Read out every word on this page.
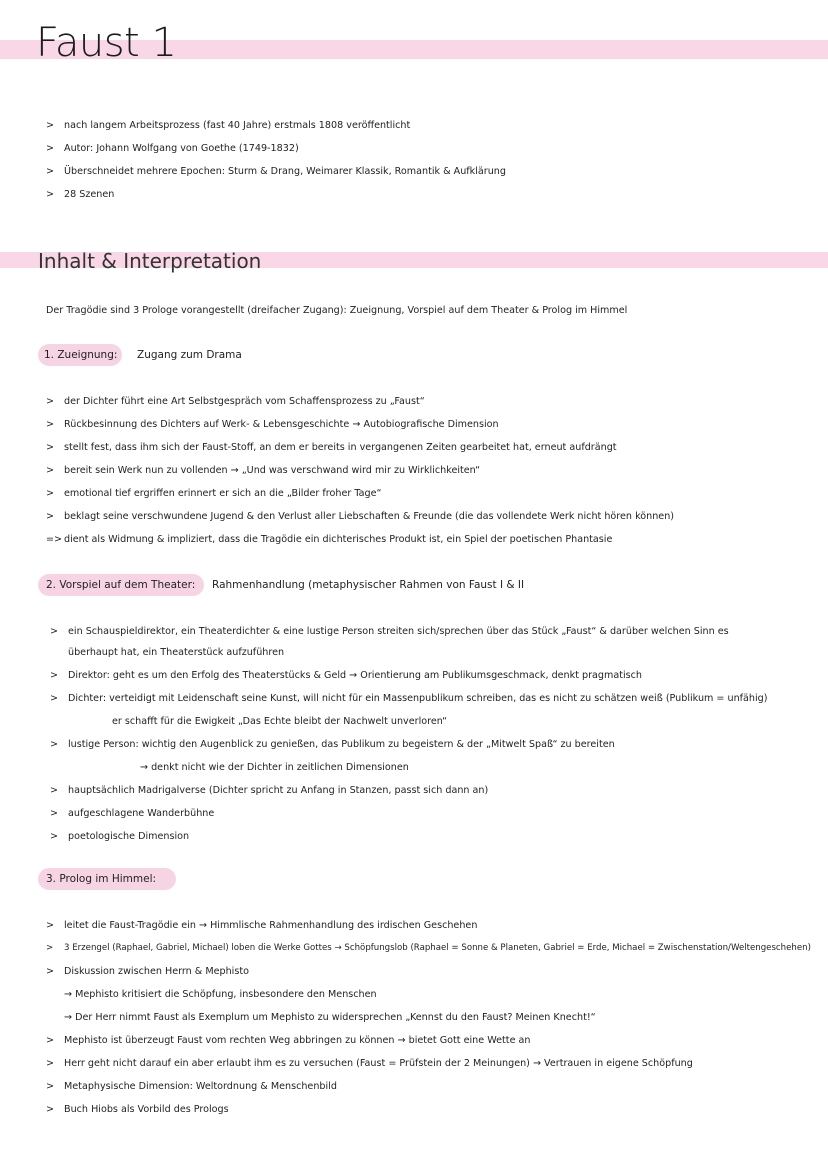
Faust 1
> nach langem Arbeitsprozess (fast 40 Jahre) erstmals 1808 veröffentlicht
> Autor: Johann Wolfgang von Goethe (1749-1832)
> Überschneidet mehrere Epochen: Sturm & Drang, Weimarer Klassik, Romantik & Aufklärung
> 28 Szenen
Inhalt & Interpretation
Der Tragödie sind 3 Prologe vorangestellt (dreifacher Zugang): Zueignung, Vorspiel auf dem Theater & Prolog im Himmel
1. Zueignung: Zugang zum Drama
> der Dichter führt eine Art Selbstgespräch vom Schaffensprozess zu „Faust“
> Rückbesinnung des Dichters auf Werk- & Lebensgeschichte → Autobiografische Dimension
> stellt fest, dass ihm sich der Faust-Stoff, an dem er bereits in vergangenen Zeiten gearbeitet hat, erneut aufdrängt
> bereit sein Werk nun zu vollenden → „Und was verschwand wird mir zu Wirklichkeiten“
> emotional tief ergriffen erinnert er sich an die „Bilder froher Tage“
> beklagt seine verschwundene Jugend & den Verlust aller Liebschaften & Freunde (die das vollendete Werk nicht hören können)
=> dient als Widmung & impliziert, dass die Tragödie ein dichterisches Produkt ist, ein Spiel der poetischen Phantasie
2. Vorspiel auf dem Theater: Rahmenhandlung (metaphysischer Rahmen von Faust I & II
> ein Schauspieldirektor, ein Theaterdichter & eine lustige Person streiten sich/sprechen über das Stück „Faust“ & darüber welchen Sinn es
überhaupt hat, ein Theaterstück aufzuführen
> Direktor: geht es um den Erfolg des Theaterstücks & Geld → Orientierung am Publikumsgeschmack, denkt pragmatisch
> Dichter: verteidigt mit Leidenschaft seine Kunst, will nicht für ein Massenpublikum schreiben, das es nicht zu schätzen weiß (Publikum = unfähig)
er schafft für die Ewigkeit „Das Echte bleibt der Nachwelt unverloren“
> lustige Person: wichtig den Augenblick zu genießen, das Publikum zu begeistern & der „Mitwelt Spaß“ zu bereiten
→ denkt nicht wie der Dichter in zeitlichen Dimensionen
> hauptsächlich Madrigalverse (Dichter spricht zu Anfang in Stanzen, passt sich dann an)
> aufgeschlagene Wanderbühne
> poetologische Dimension
3. Prolog im Himmel:
> leitet die Faust-Tragödie ein → Himmlische Rahmenhandlung des irdischen Geschehen
> 3 Erzengel (Raphael, Gabriel, Michael) loben die Werke Gottes → Schöpfungslob (Raphael = Sonne & Planeten, Gabriel = Erde, Michael = Zwischenstation/Weltengeschehen)
> Diskussion zwischen Herrn & Mephisto
→ Mephisto kritisiert die Schöpfung, insbesondere den Menschen
→ Der Herr nimmt Faust als Exemplum um Mephisto zu widersprechen „Kennst du den Faust? Meinen Knecht!“
> Mephisto ist überzeugt Faust vom rechten Weg abbringen zu können → bietet Gott eine Wette an
> Herr geht nicht darauf ein aber erlaubt ihm es zu versuchen (Faust = Prüfstein der 2 Meinungen) → Vertrauen in eigene Schöpfung
> Metaphysische Dimension: Weltordnung & Menschenbild
> Buch Hiobs als Vorbild des Prologs
